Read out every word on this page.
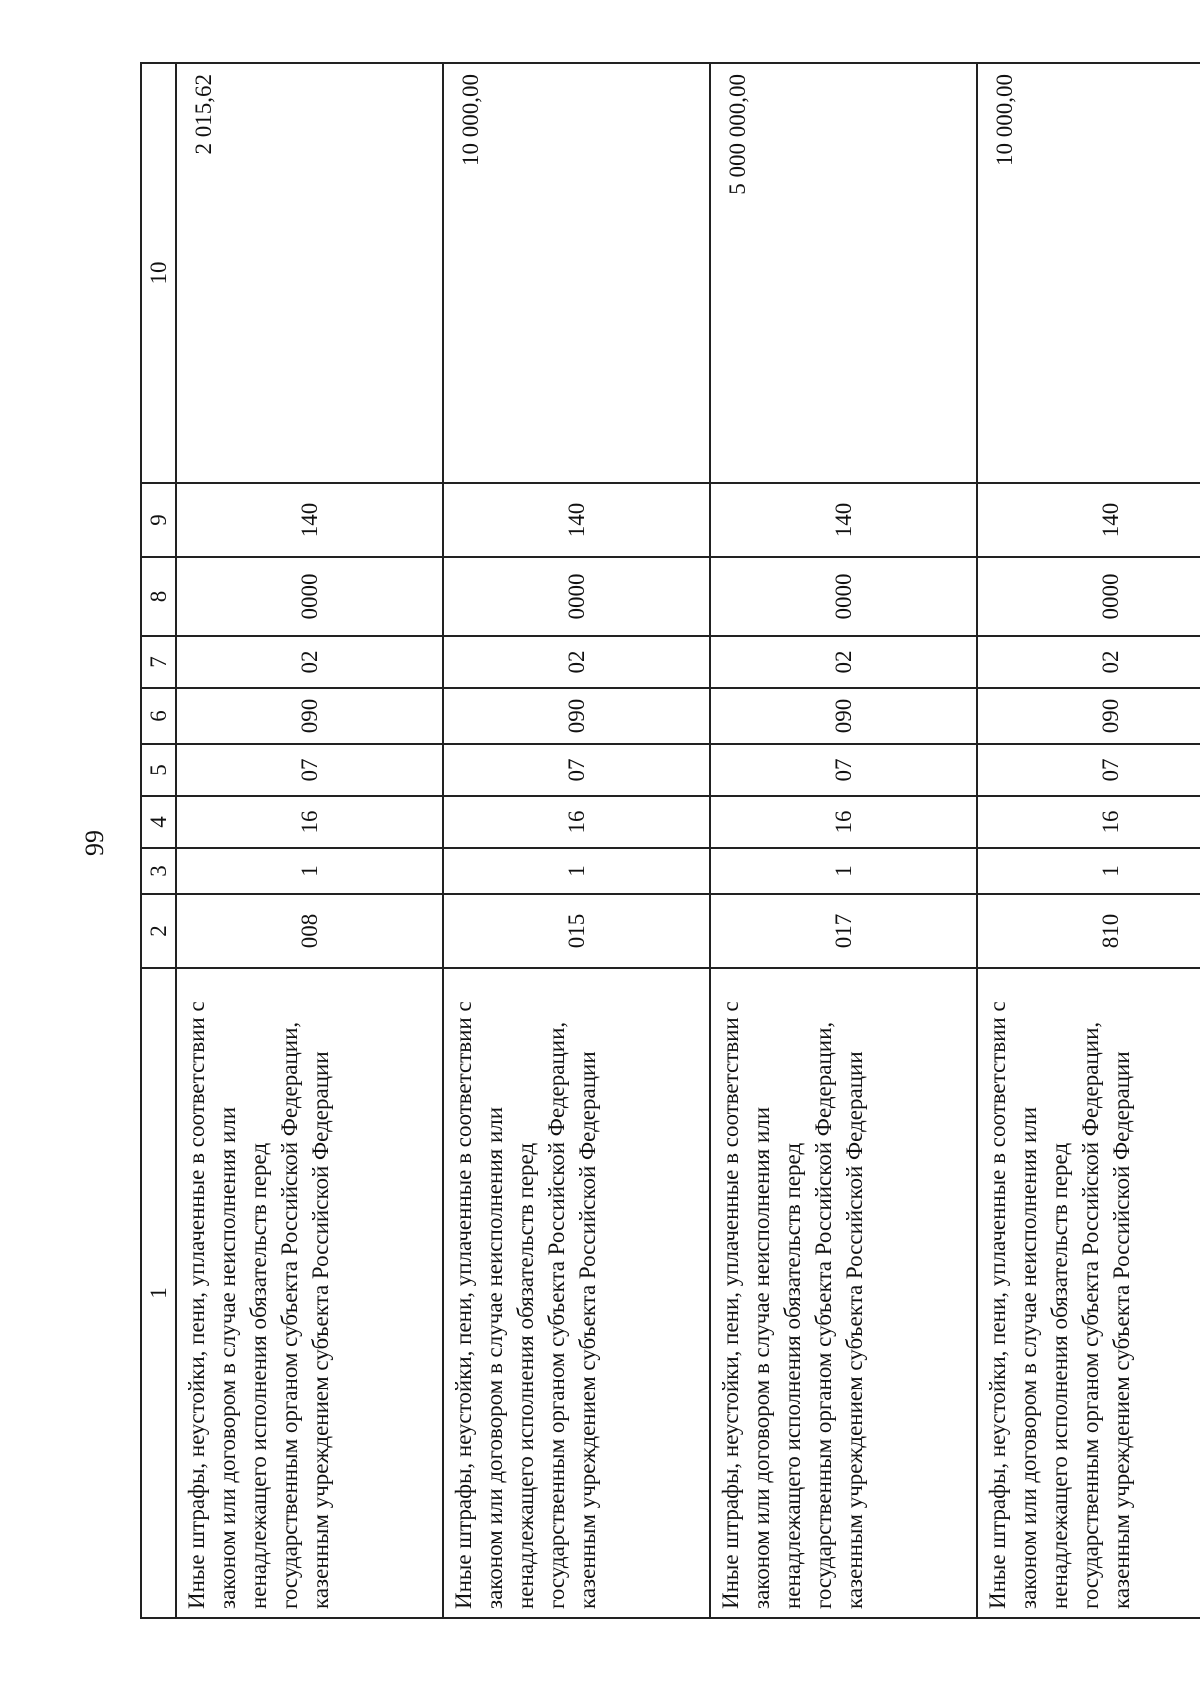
99
1	2	3	4	5	6	7	8	9	10
Иные штрафы, неустойки, пени, уплаченные в соответствии с законом или договором в случае неисполнения или ненадлежащего исполнения обязательств перед государственным органом субъекта Российской Федерации, казенным учреждением субъекта Российской Федерации	008	1	16	07	090	02	0000	140	2 015,62
Иные штрафы, неустойки, пени, уплаченные в соответствии с законом или договором в случае неисполнения или ненадлежащего исполнения обязательств перед государственным органом субъекта Российской Федерации, казенным учреждением субъекта Российской Федерации	015	1	16	07	090	02	0000	140	10 000,00
Иные штрафы, неустойки, пени, уплаченные в соответствии с законом или договором в случае неисполнения или ненадлежащего исполнения обязательств перед государственным органом субъекта Российской Федерации, казенным учреждением субъекта Российской Федерации	017	1	16	07	090	02	0000	140	5 000 000,00
Иные штрафы, неустойки, пени, уплаченные в соответствии с законом или договором в случае неисполнения или ненадлежащего исполнения обязательств перед государственным органом субъекта Российской Федерации, казенным учреждением субъекта Российской Федерации	810	1	16	07	090	02	0000	140	10 000,00
